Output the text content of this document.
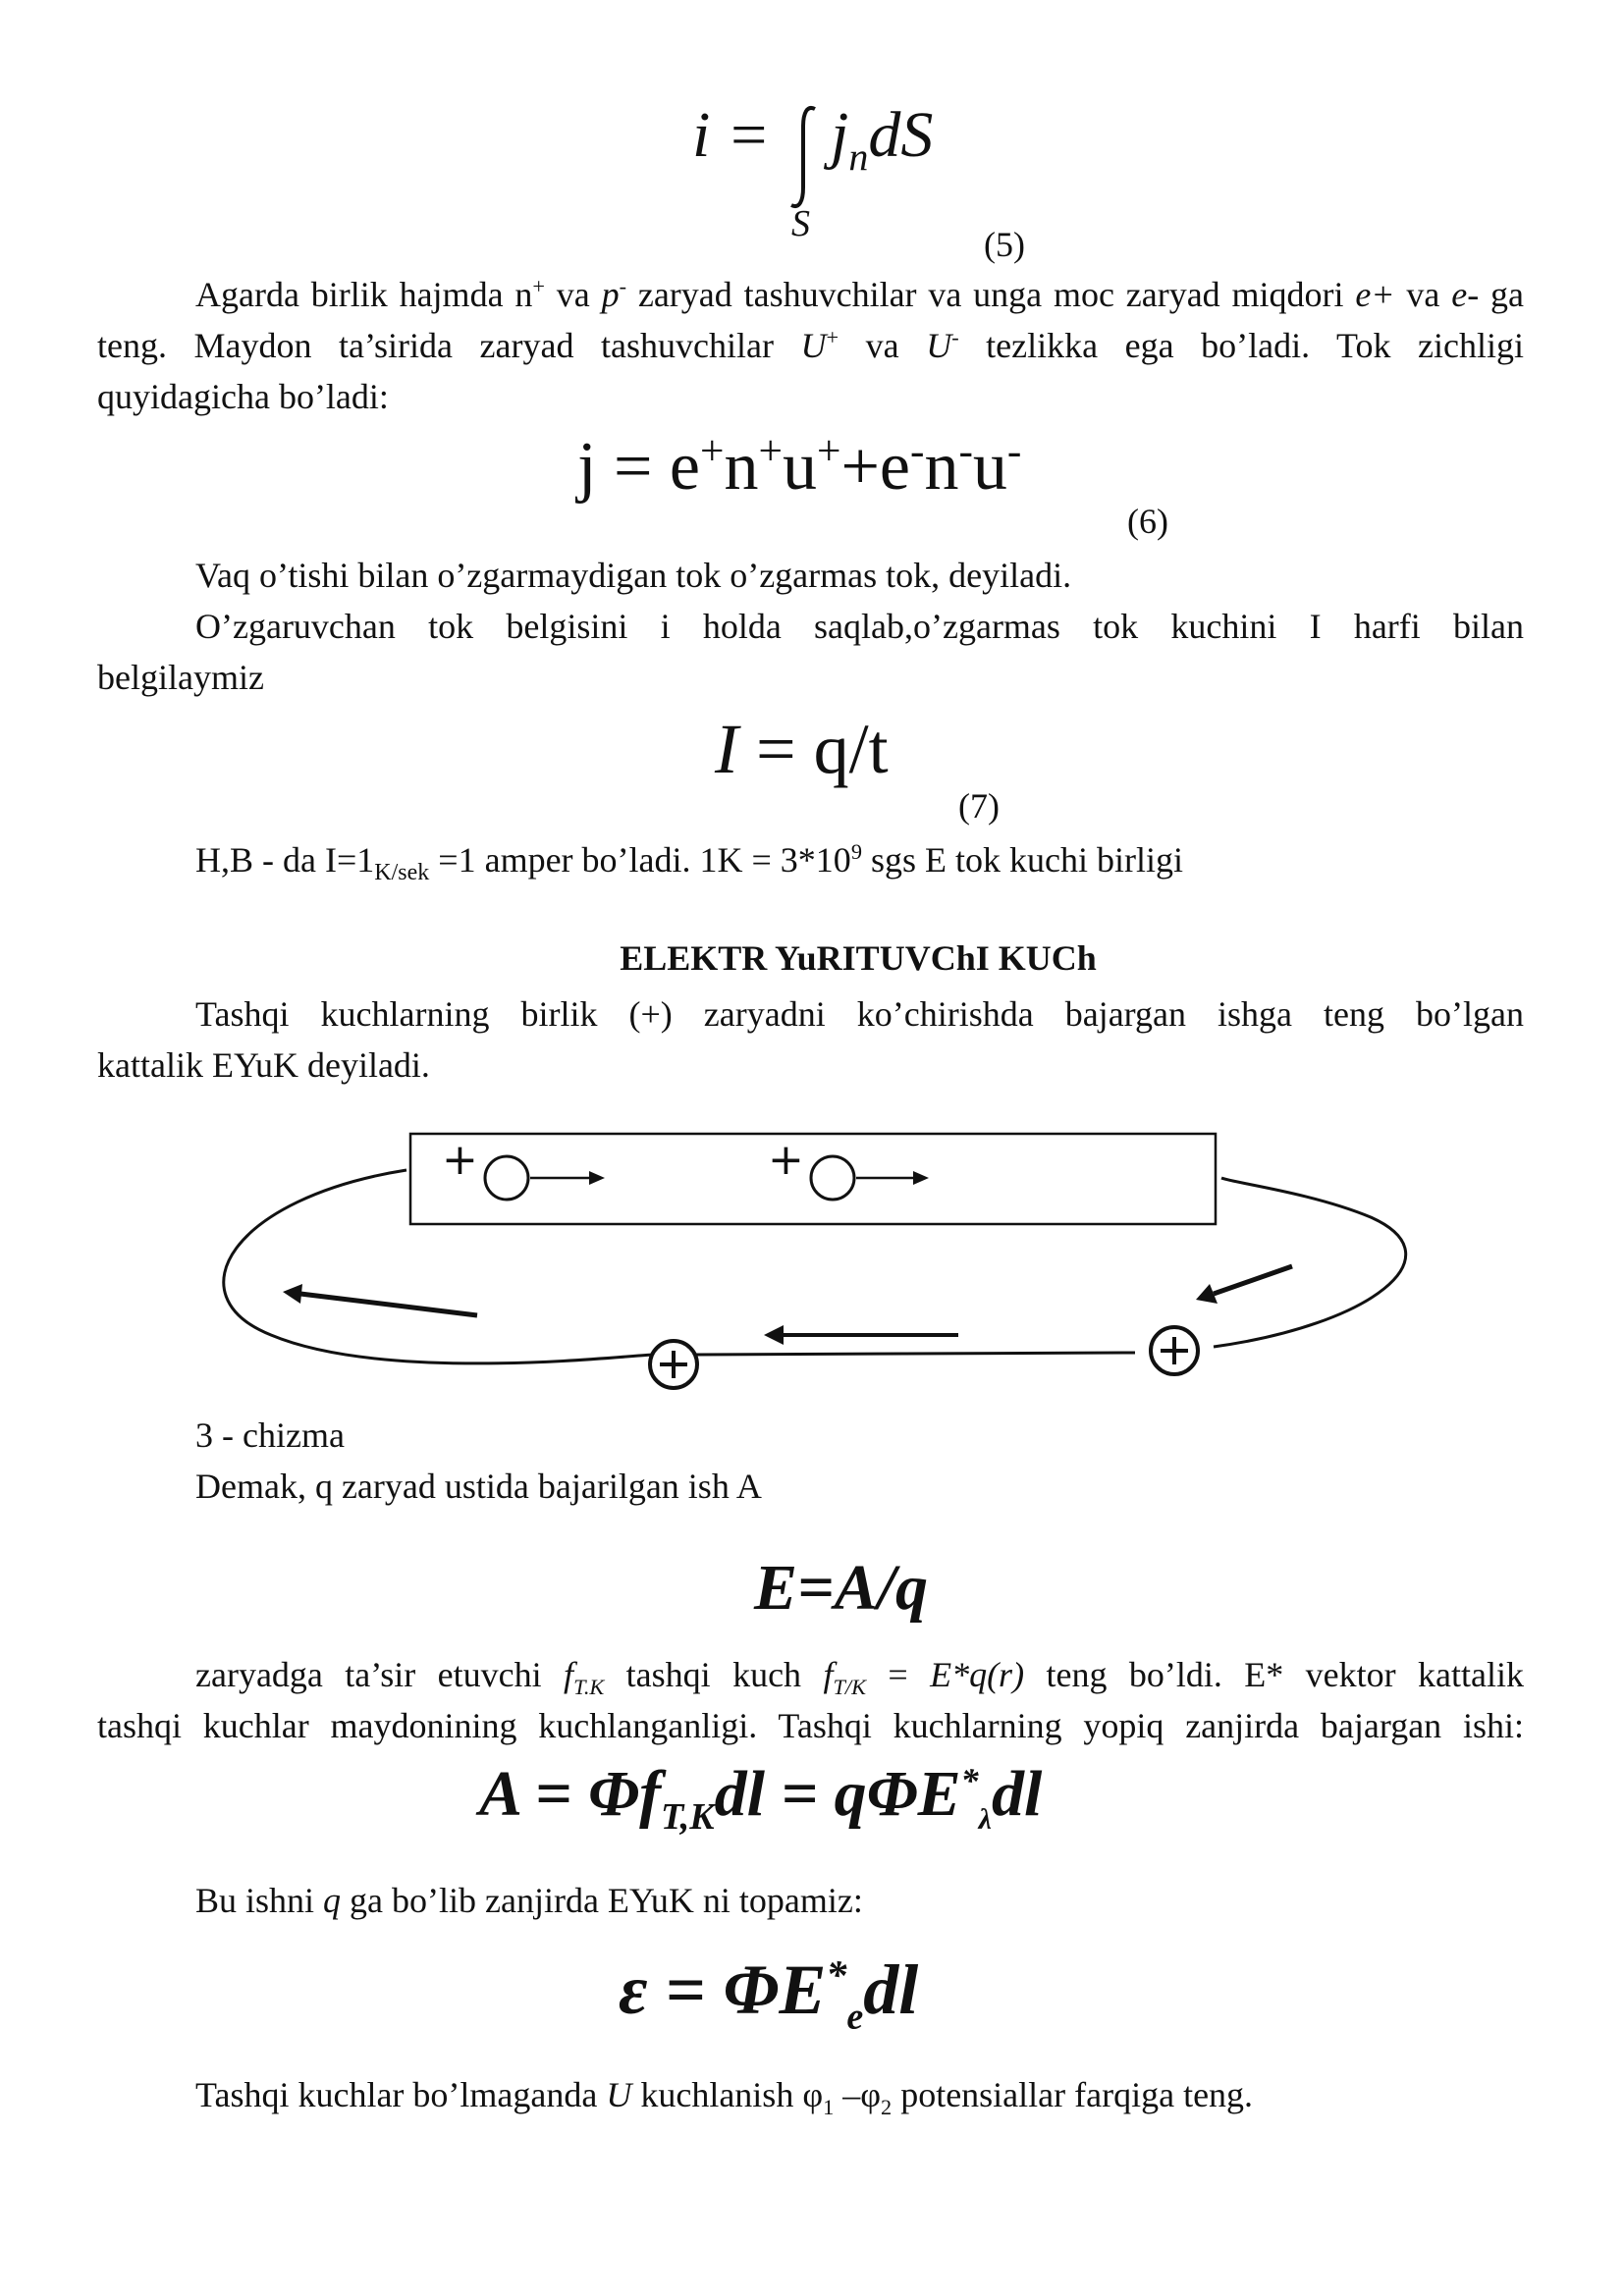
$i = j_ndS$
S	(5)
Agarda birlik hajmda n+ va p- zaryad tashuvchilar va unga moc zaryad miqdori e+ va e- ga teng. Maydon ta’sirida zaryad tashuvchilar U+ va U- tezlikka ega bo’ladi. Tok zichligi
quyidagicha bo’ladi:
j = e+n+u++e-n-u-
(6)
Vaq o’tishi bilan o’zgarmaydigan tok o’zgarmas tok, deyiladi.
O’zgaruvchan tok belgisini i holda saqlab,o’zgarmas tok kuchini I harfi bilan
belgilaymiz
I = q/t
(7)
H,B - da $I=1_{K/sek} =1$ amper bo’ladi. $1K = 3*10^9$ sgs E tok kuchi birligi
ELEKTR YuRITUVChI KUCh
Tashqi kuchlarning birlik (+) zaryadni ko’chirishda bajargan ishga teng bo’lgan
kattalik EYuK deyiladi.
+	+
3 - chizma
Demak, q zaryad ustida bajarilgan ish A
E=A/q
zaryadga ta’sir etuvchi $f_{T.K}$ tashqi kuch $f_{T/K} = E*q(r)$ teng bo’ldi. E* vektor kattalik
tashqi kuchlar maydonining kuchlanganligi. Tashqi kuchlarning yopiq zanjirda bajargan ishi:
$A = \Phi f_{T,K}dl = q\Phi E^*_\lambda dl$
Bu ishni q ga bo’lib zanjirda EYuK ni topamiz:
$\varepsilon = \Phi E^*_edl$
Tashqi kuchlar bo’lmaganda U kuchlanish $\varphi_1$ $-\varphi_2$ potensiallar farqiga teng.
